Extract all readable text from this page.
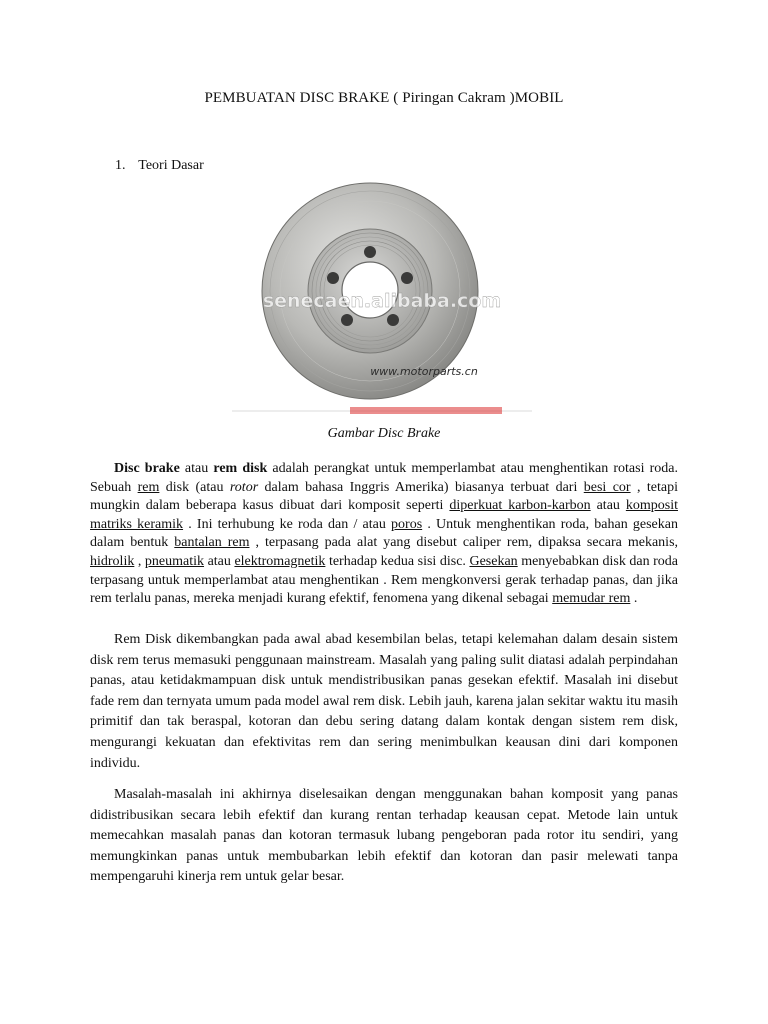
PEMBUATAN DISC BRAKE ( Piringan Cakram )MOBIL
1. Teori Dasar
senecaen.alibaba.com
www.motorparts.cn
Gambar Disc Brake

Disc brake atau rem disk adalah perangkat untuk memperlambat atau menghentikan rotasi roda. Sebuah rem disk (atau rotor dalam bahasa Inggris Amerika) biasanya terbuat dari besi cor , tetapi mungkin dalam beberapa kasus dibuat dari komposit seperti diperkuat karbon-karbon atau komposit matriks keramik . Ini terhubung ke roda dan / atau poros . Untuk menghentikan roda, bahan gesekan dalam bentuk bantalan rem , terpasang pada alat yang disebut caliper rem, dipaksa secara mekanis, hidrolik , pneumatik atau elektromagnetik terhadap kedua sisi disc. Gesekan menyebabkan disk dan roda terpasang untuk memperlambat atau menghentikan . Rem mengkonversi gerak terhadap panas, dan jika rem terlalu panas, mereka menjadi kurang efektif, fenomena yang dikenal sebagai memudar rem .

Rem Disk dikembangkan pada awal abad kesembilan belas, tetapi kelemahan dalam desain sistem disk rem terus memasuki penggunaan mainstream. Masalah yang paling sulit diatasi adalah perpindahan panas, atau ketidakmampuan disk untuk mendistribusikan panas gesekan efektif. Masalah ini disebut fade rem dan ternyata umum pada model awal rem disk. Lebih jauh, karena jalan sekitar waktu itu masih primitif dan tak beraspal, kotoran dan debu sering datang dalam kontak dengan sistem rem disk, mengurangi kekuatan dan efektivitas rem dan sering menimbulkan keausan dini dari komponen individu.

Masalah-masalah ini akhirnya diselesaikan dengan menggunakan bahan komposit yang panas didistribusikan secara lebih efektif dan kurang rentan terhadap keausan cepat. Metode lain untuk memecahkan masalah panas dan kotoran termasuk lubang pengeboran pada rotor itu sendiri, yang memungkinkan panas untuk membubarkan lebih efektif dan kotoran dan pasir melewati tanpa mempengaruhi kinerja rem untuk gelar besar.
